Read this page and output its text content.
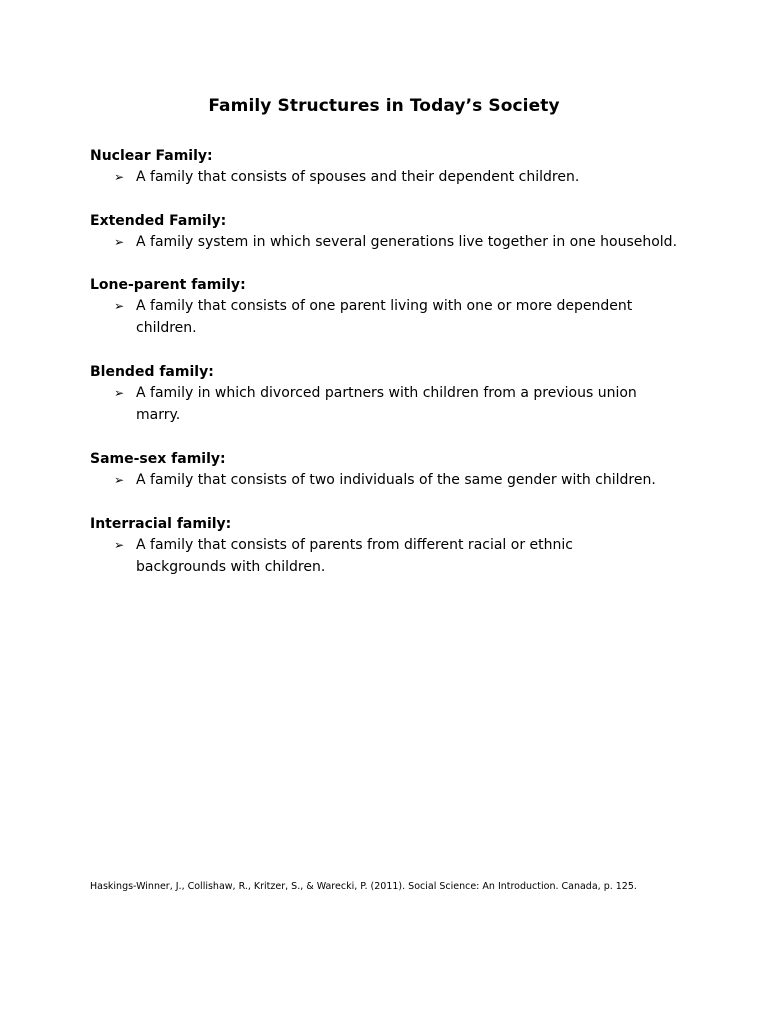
Family Structures in Today’s Society
Nuclear Family:
➢ A family that consists of spouses and their dependent children.
Extended Family:
➢ A family system in which several generations live together in one household.
Lone-parent family:
➢ A family that consists of one parent living with one or more dependent children.
Blended family:
➢ A family in which divorced partners with children from a previous union marry.
Same-sex family:
➢ A family that consists of two individuals of the same gender with children.
Interracial family:
➢ A family that consists of parents from different racial or ethnic backgrounds with children.
Haskings-Winner, J., Collishaw, R., Kritzer, S., & Warecki, P. (2011). Social Science: An Introduction. Canada, p. 125.
